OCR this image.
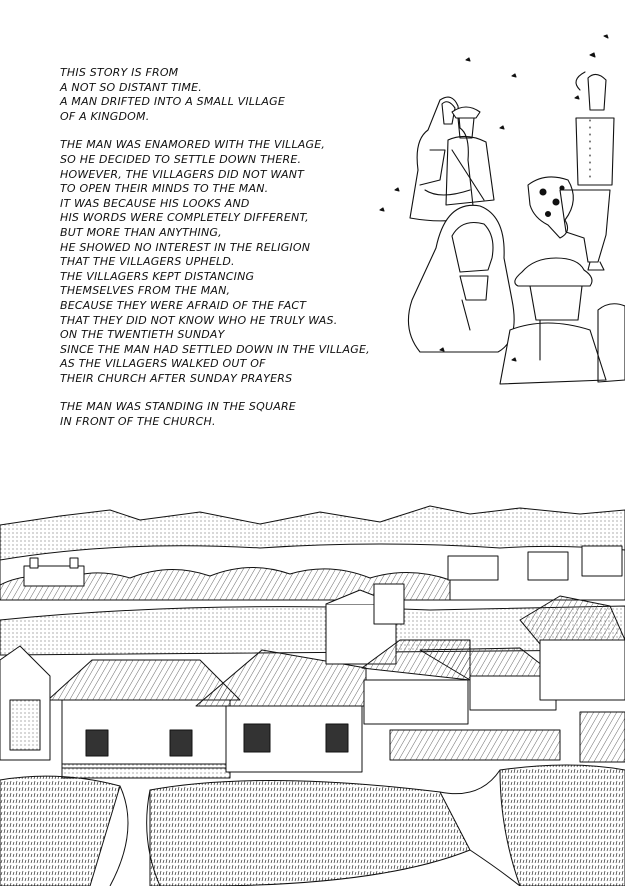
THIS STORY IS FROM
A NOT SO DISTANT TIME.
A MAN DRIFTED INTO A SMALL VILLAGE
OF A KINGDOM.
THE MAN WAS ENAMORED WITH THE VILLAGE,
SO HE DECIDED TO SETTLE DOWN THERE.
HOWEVER, THE VILLAGERS DID NOT WANT
TO OPEN THEIR MINDS TO THE MAN.
IT WAS BECAUSE HIS LOOKS AND
HIS WORDS WERE COMPLETELY DIFFERENT,
BUT MORE THAN ANYTHING,
HE SHOWED NO INTEREST IN THE RELIGION
THAT THE VILLAGERS UPHELD.
THE VILLAGERS KEPT DISTANCING
THEMSELVES FROM THE MAN,
BECAUSE THEY WERE AFRAID OF THE FACT
THAT THEY DID NOT KNOW WHO HE TRULY WAS.
ON THE TWENTIETH SUNDAY
SINCE THE MAN HAD SETTLED DOWN IN THE VILLAGE,
AS THE VILLAGERS WALKED OUT OF
THEIR CHURCH AFTER SUNDAY PRAYERS
THE MAN WAS STANDING IN THE SQUARE
IN FRONT OF THE CHURCH.
